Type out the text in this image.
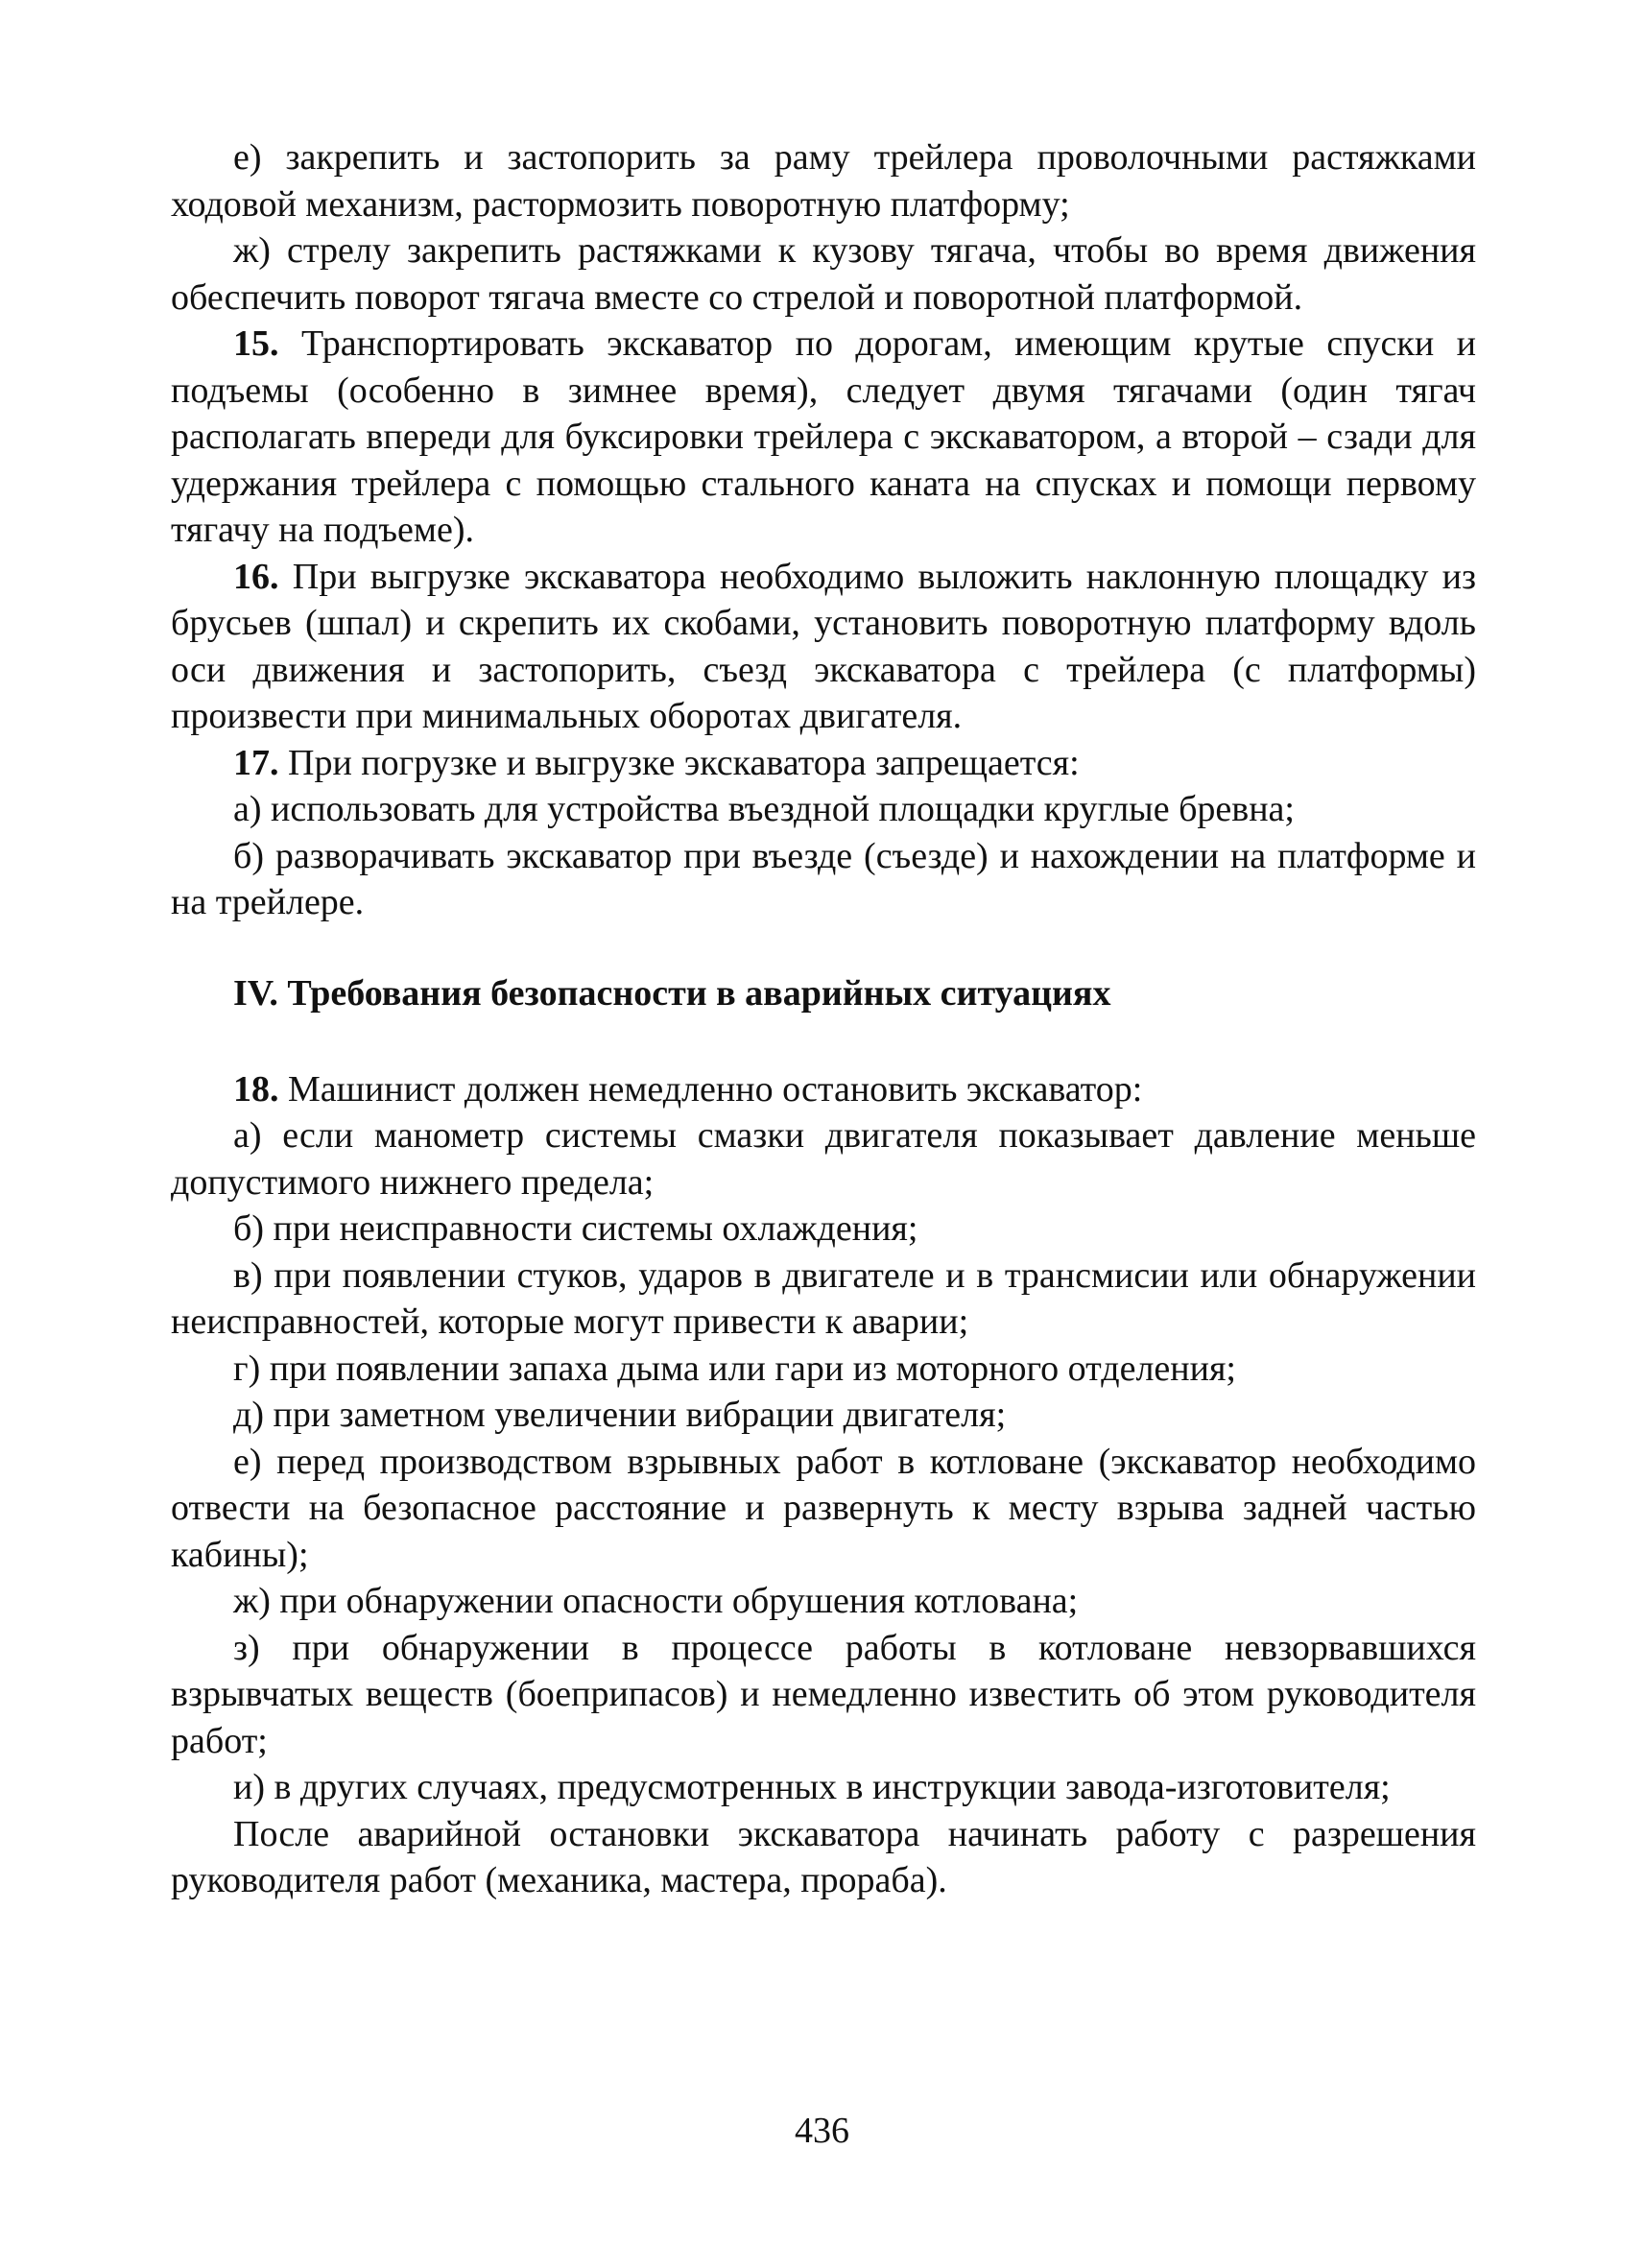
е) закрепить и застопорить за раму трейлера проволочными растяжками ходовой механизм, растормозить поворотную платформу;

ж) стрелу закрепить растяжками к кузову тягача, чтобы во время движения обеспечить поворот тягача вместе со стрелой и поворотной платформой.

15. Транспортировать экскаватор по дорогам, имеющим крутые спуски и подъемы (особенно в зимнее время), следует двумя тягачами (один тягач располагать впереди для буксировки трейлера с экскаватором, а второй – сзади для удержания трейлера с помощью стального каната на спусках и помощи первому тягачу на подъеме).

16. При выгрузке экскаватора необходимо выложить наклонную площадку из брусьев (шпал) и скрепить их скобами, установить поворотную платформу вдоль оси движения и застопорить, съезд экскаватора с трейлера (с платформы) произвести при минимальных оборотах двигателя.

17. При погрузке и выгрузке экскаватора запрещается:

а) использовать для устройства въездной площадки круглые бревна;

б) разворачивать экскаватор при въезде (съезде) и нахождении на платформе и на трейлере.

IV. Требования безопасности в аварийных ситуациях

18. Машинист должен немедленно остановить экскаватор:

а) если манометр системы смазки двигателя показывает давление меньше допустимого нижнего предела;

б) при неисправности системы охлаждения;

в) при появлении стуков, ударов в двигателе и в трансмисии или обнаружении неисправностей, которые могут привести к аварии;

г) при появлении запаха дыма или гари из моторного отделения;

д) при заметном увеличении вибрации двигателя;

е) перед производством взрывных работ в котловане (экскаватор необходимо отвести на безопасное расстояние и развернуть к месту взрыва задней частью кабины);

ж) при обнаружении опасности обрушения котлована;

з) при обнаружении в процессе работы в котловане невзорвавшихся взрывчатых веществ (боеприпасов) и немедленно известить об этом руководителя работ;

и) в других случаях, предусмотренных в инструкции завода-изготовителя;

После аварийной остановки экскаватора начинать работу с разрешения руководителя работ (механика, мастера, прораба).

436
